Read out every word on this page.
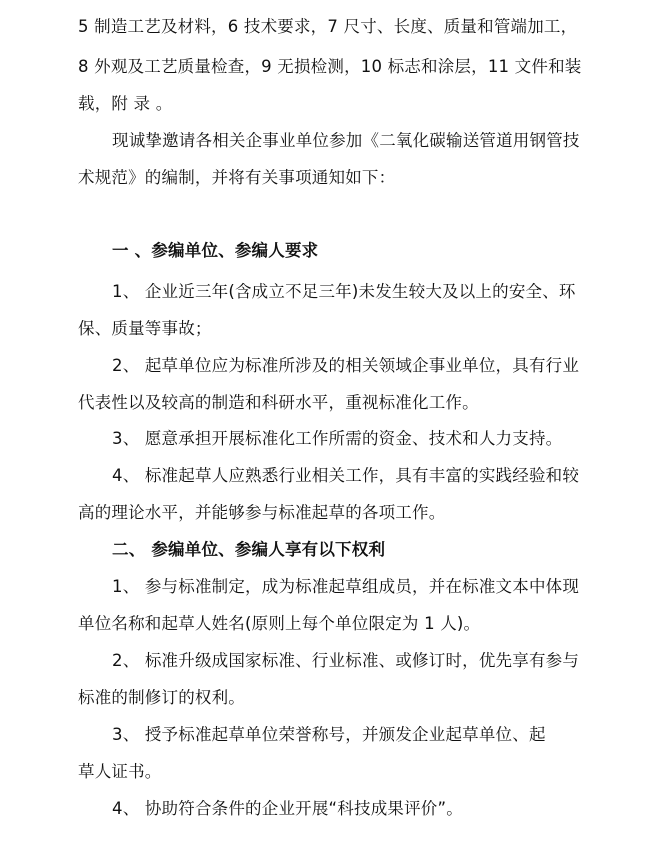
5 制造工艺及材料，6 技术要求，7 尺寸、长度、质量和管端加工，
8 外观及工艺质量检查，9 无损检测，10 标志和涂层，11 文件和装
载，附 录 。
现诚挚邀请各相关企事业单位参加《二氧化碳输送管道用钢管技
术规范》的编制，并将有关事项通知如下：
一 、参编单位、参编人要求
1、 企业近三年(含成立不足三年)未发生较大及以上的安全、环
保、质量等事故；
2、 起草单位应为标准所涉及的相关领域企事业单位，具有行业
代表性以及较高的制造和科研水平，重视标准化工作。
3、 愿意承担开展标准化工作所需的资金、技术和人力支持。
4、 标准起草人应熟悉行业相关工作，具有丰富的实践经验和较
高的理论水平，并能够参与标准起草的各项工作。
二、 参编单位、参编人享有以下权利
1、 参与标准制定，成为标准起草组成员，并在标准文本中体现
单位名称和起草人姓名(原则上每个单位限定为 1 人)。
2、 标准升级成国家标准、行业标准、或修订时，优先享有参与
标准的制修订的权利。
3、 授予标准起草单位荣誉称号，并颁发企业起草单位、起
草人证书。
4、 协助符合条件的企业开展“科技成果评价”。
